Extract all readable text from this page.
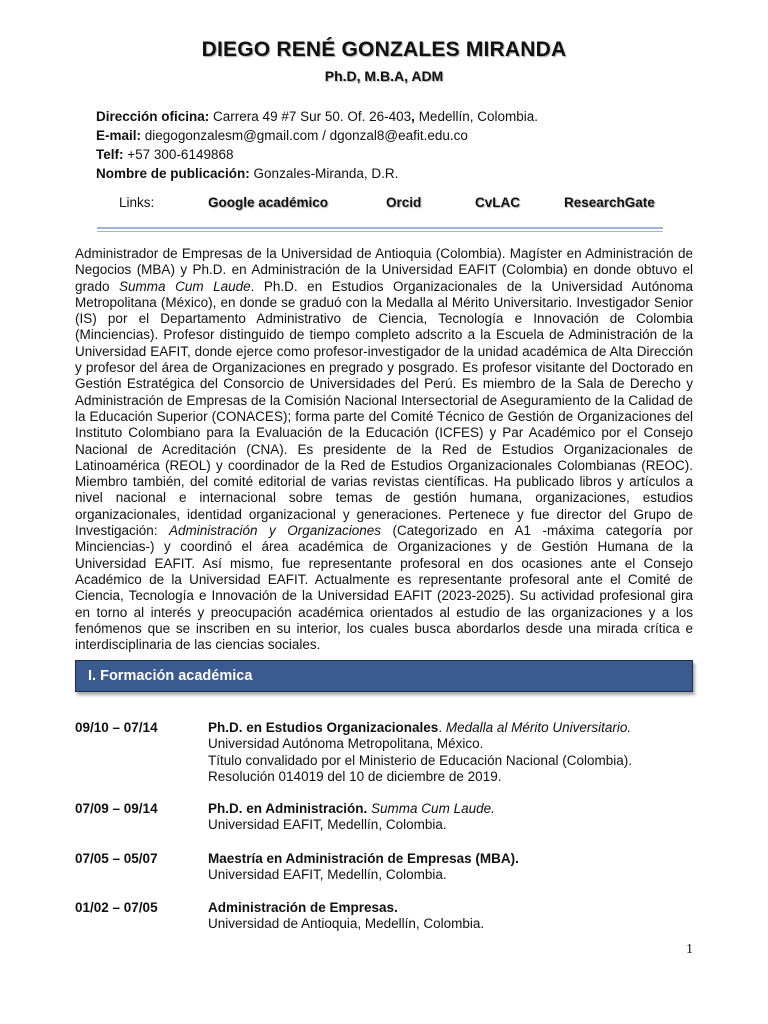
DIEGO RENÉ GONZALES MIRANDA
Ph.D, M.B.A, ADM
Dirección oficina: Carrera 49 #7 Sur 50. Of. 26-403, Medellín, Colombia.
E-mail: diegogonzalesm@gmail.com / dgonzal8@eafit.edu.co
Telf: +57 300-6149868
Nombre de publicación: Gonzales-Miranda, D.R.
Links:	Google académico	Orcid	CvLAC	ResearchGate
Administrador de Empresas de la Universidad de Antioquia (Colombia). Magíster en Administración de Negocios (MBA) y Ph.D. en Administración de la Universidad EAFIT (Colombia) en donde obtuvo el grado Summa Cum Laude. Ph.D. en Estudios Organizacionales de la Universidad Autónoma Metropolitana (México), en donde se graduó con la Medalla al Mérito Universitario. Investigador Senior (IS) por el Departamento Administrativo de Ciencia, Tecnología e Innovación de Colombia (Minciencias). Profesor distinguido de tiempo completo adscrito a la Escuela de Administración de la Universidad EAFIT, donde ejerce como profesor-investigador de la unidad académica de Alta Dirección y profesor del área de Organizaciones en pregrado y posgrado. Es profesor visitante del Doctorado en Gestión Estratégica del Consorcio de Universidades del Perú. Es miembro de la Sala de Derecho y Administración de Empresas de la Comisión Nacional Intersectorial de Aseguramiento de la Calidad de la Educación Superior (CONACES); forma parte del Comité Técnico de Gestión de Organizaciones del Instituto Colombiano para la Evaluación de la Educación (ICFES) y Par Académico por el Consejo Nacional de Acreditación (CNA). Es presidente de la Red de Estudios Organizacionales de Latinoamérica (REOL) y coordinador de la Red de Estudios Organizacionales Colombianas (REOC). Miembro también, del comité editorial de varias revistas científicas. Ha publicado libros y artículos a nivel nacional e internacional sobre temas de gestión humana, organizaciones, estudios organizacionales, identidad organizacional y generaciones. Pertenece y fue director del Grupo de Investigación: Administración y Organizaciones (Categorizado en A1 -máxima categoría por Minciencias-) y coordinó el área académica de Organizaciones y de Gestión Humana de la Universidad EAFIT. Así mismo, fue representante profesoral en dos ocasiones ante el Consejo Académico de la Universidad EAFIT. Actualmente es representante profesoral ante el Comité de Ciencia, Tecnología e Innovación de la Universidad EAFIT (2023-2025). Su actividad profesional gira en torno al interés y preocupación académica orientados al estudio de las organizaciones y a los fenómenos que se inscriben en su interior, los cuales busca abordarlos desde una mirada crítica e interdisciplinaria de las ciencias sociales.
I. Formación académica
09/10 – 07/14	Ph.D. en Estudios Organizacionales. Medalla al Mérito Universitario.
Universidad Autónoma Metropolitana, México.
Título convalidado por el Ministerio de Educación Nacional (Colombia).
Resolución 014019 del 10 de diciembre de 2019.
07/09 – 09/14	Ph.D. en Administración. Summa Cum Laude.
Universidad EAFIT, Medellín, Colombia.
07/05 – 05/07	Maestría en Administración de Empresas (MBA).
Universidad EAFIT, Medellín, Colombia.
01/02 – 07/05	Administración de Empresas.
Universidad de Antioquia, Medellín, Colombia.
1
